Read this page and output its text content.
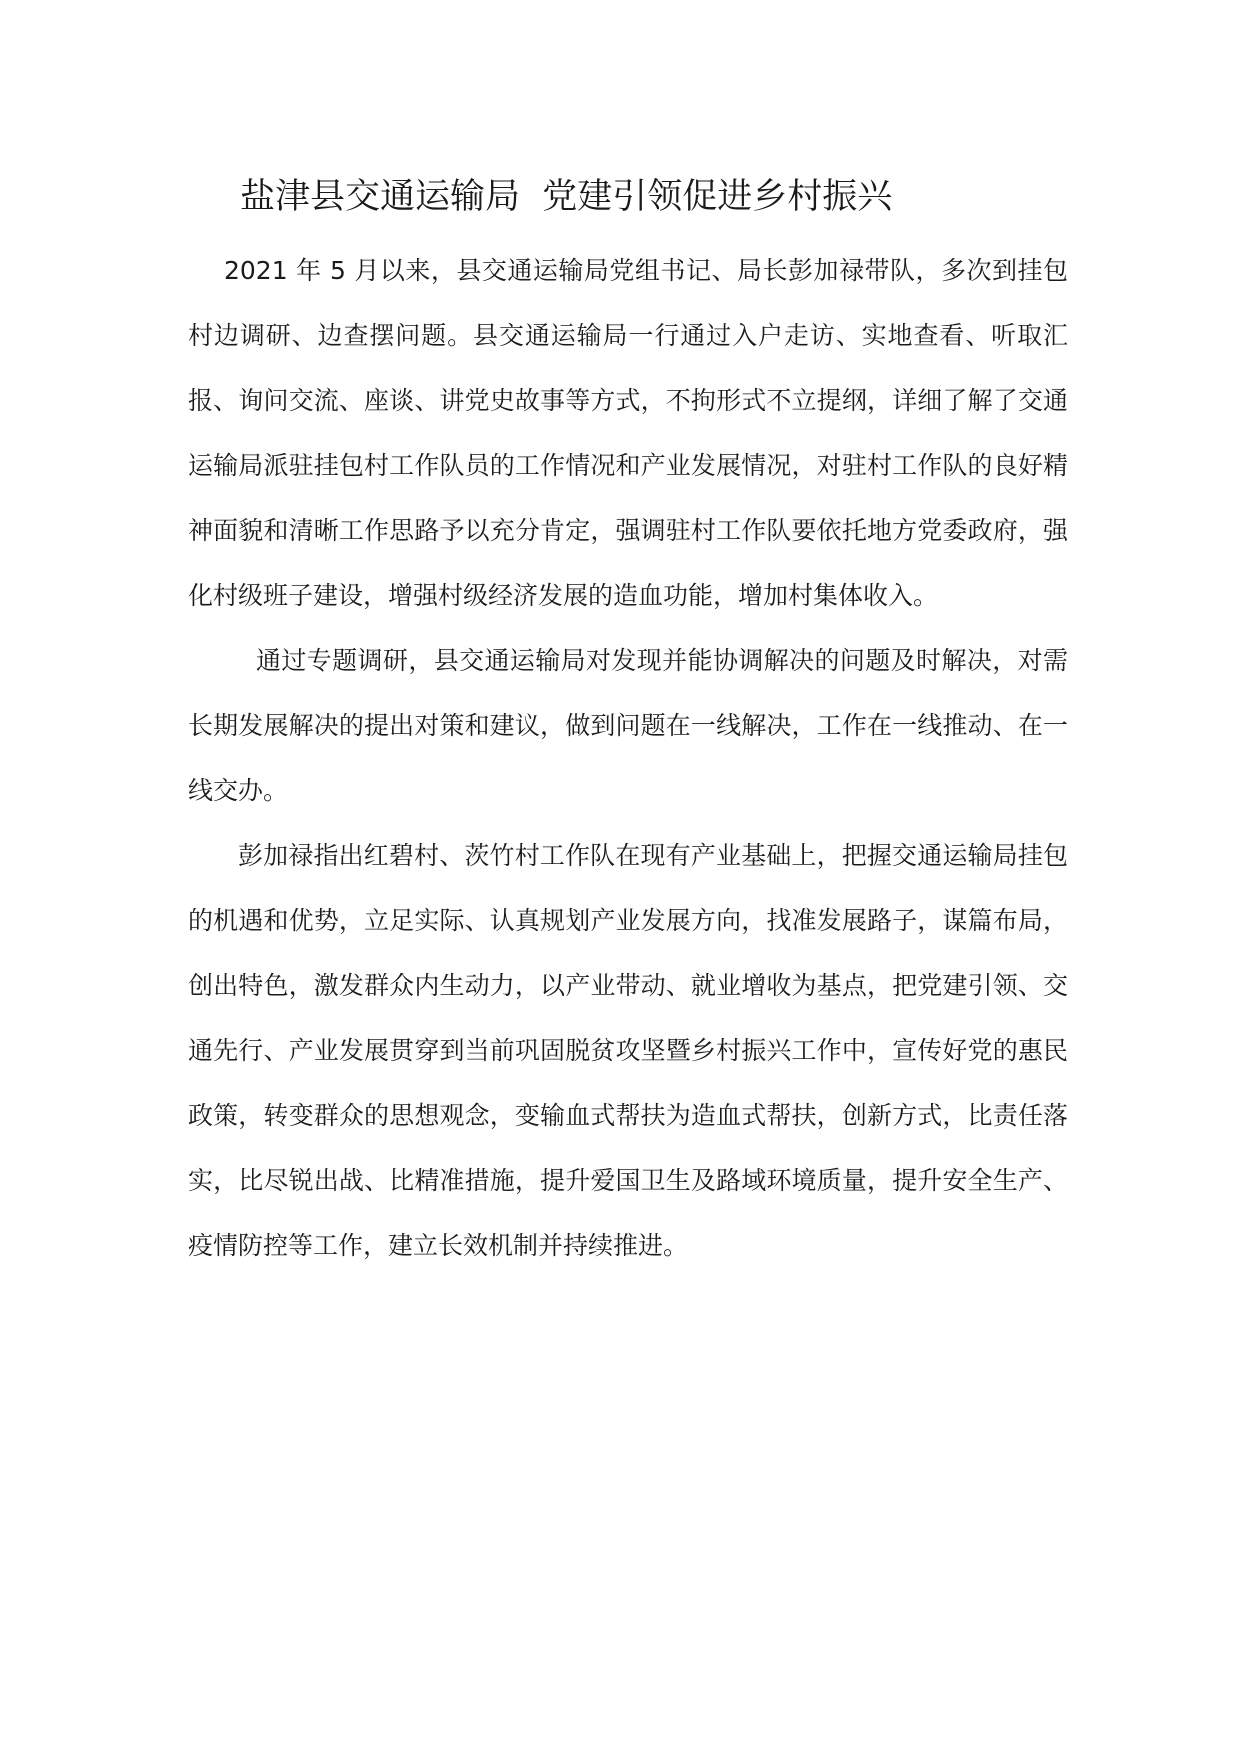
盐津县交通运输局  党建引领促进乡村振兴

2021 年 5 月以来，县交通运输局党组书记、局长彭加禄带队，多次到挂包村边调研、边查摆问题。县交通运输局一行通过入户走访、实地查看、听取汇报、询问交流、座谈、讲党史故事等方式，不拘形式不立提纲，详细了解了交通运输局派驻挂包村工作队员的工作情况和产业发展情况，对驻村工作队的良好精神面貌和清晰工作思路予以充分肯定，强调驻村工作队要依托地方党委政府，强化村级班子建设，增强村级经济发展的造血功能，增加村集体收入。

通过专题调研，县交通运输局对发现并能协调解决的问题及时解决，对需长期发展解决的提出对策和建议，做到问题在一线解决，工作在一线推动、在一线交办。

彭加禄指出红碧村、茨竹村工作队在现有产业基础上，把握交通运输局挂包的机遇和优势，立足实际、认真规划产业发展方向，找准发展路子，谋篇布局，创出特色，激发群众内生动力，以产业带动、就业增收为基点，把党建引领、交通先行、产业发展贯穿到当前巩固脱贫攻坚暨乡村振兴工作中，宣传好党的惠民政策，转变群众的思想观念，变输血式帮扶为造血式帮扶，创新方式，比责任落实，比尽锐出战、比精准措施，提升爱国卫生及路域环境质量，提升安全生产、疫情防控等工作，建立长效机制并持续推进。
